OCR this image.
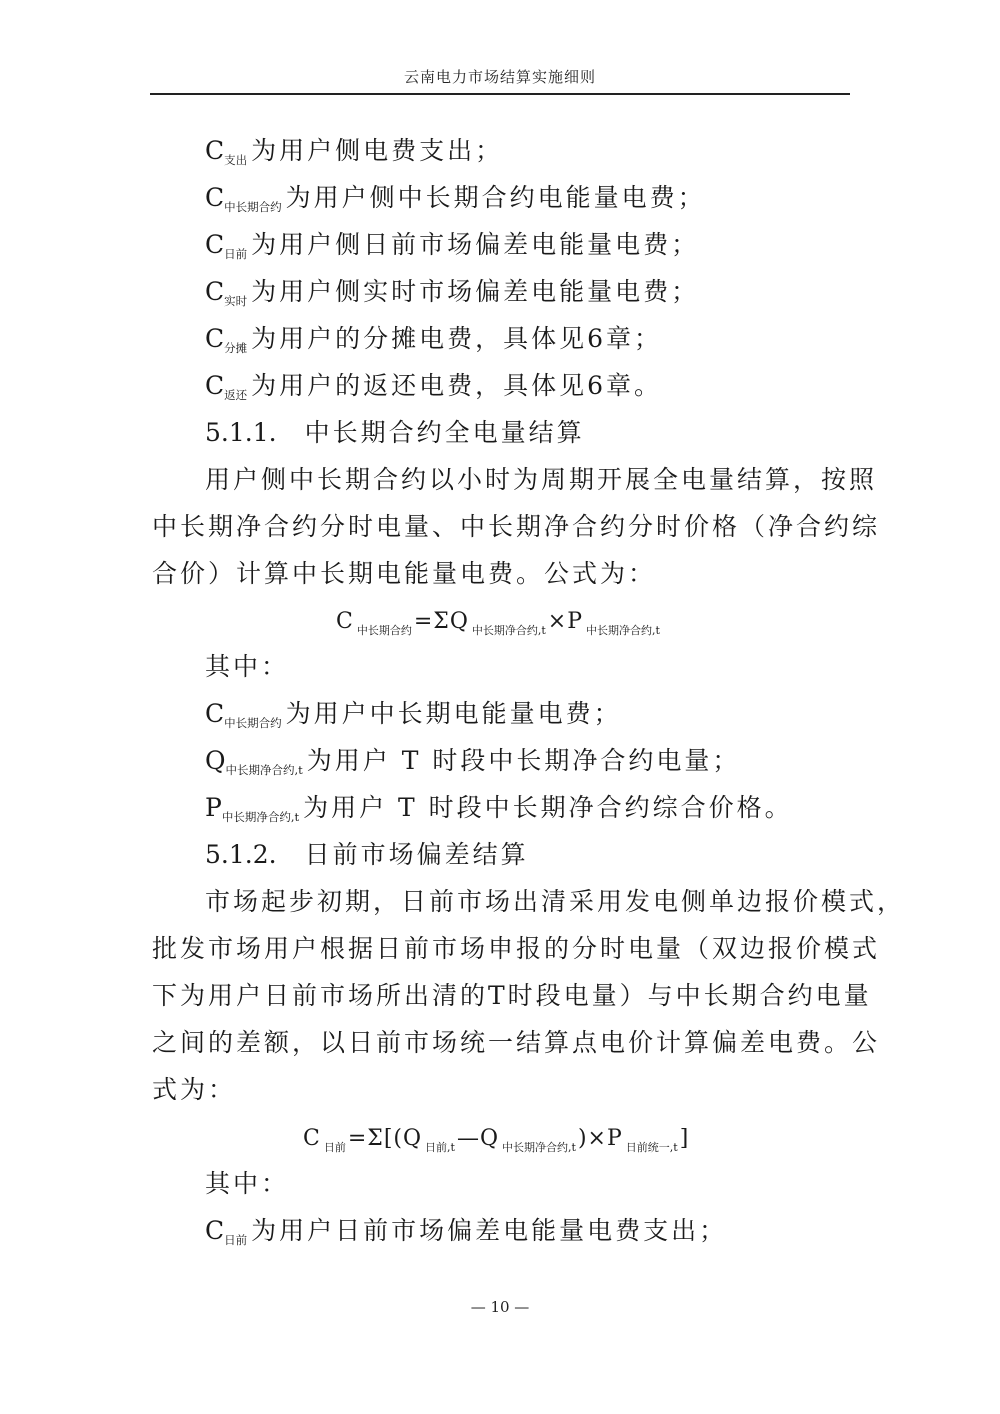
云南电力市场结算实施细则
$C_{支出}$ 为用户侧电费支出；
$C_{中长期合约}$ 为用户侧中长期合约电能量电费；
$C_{日前}$ 为用户侧日前市场偏差电能量电费；
$C_{实时}$ 为用户侧实时市场偏差电能量电费；
$C_{分摊}$ 为用户的分摊电费，具体见6章；
$C_{返还}$ 为用户的返还电费，具体见6章。
5.1.1. 中长期合约全电量结算
用户侧中长期合约以小时为周期开展全电量结算，按照
中长期净合约分时电量、中长期净合约分时价格（净合约综
合价）计算中长期电能量电费。公式为：
C $_{中长期合约}$=ΣQ $_{中长期净合约,t}$×P $_{中长期净合约,t}$
其中：
$C_{中长期合约}$ 为用户中长期电能量电费；
$Q_{中长期净合约,t}$ 为用户 T 时段中长期净合约电量；
$P_{中长期净合约,t}$ 为用户 T 时段中长期净合约综合价格。
5.1.2. 日前市场偏差结算
市场起步初期，日前市场出清采用发电侧单边报价模式，
批发市场用户根据日前市场申报的分时电量（双边报价模式
下为用户日前市场所出清的T时段电量）与中长期合约电量
之间的差额，以日前市场统一结算点电价计算偏差电费。公
式为：
C $_{日前}$=Σ[(Q $_{日前,t}$—Q $_{中长期净合约,t}$)×P $_{日前统一,t}$]
其中：
$C_{日前}$ 为用户日前市场偏差电能量电费支出；
— 10 —
